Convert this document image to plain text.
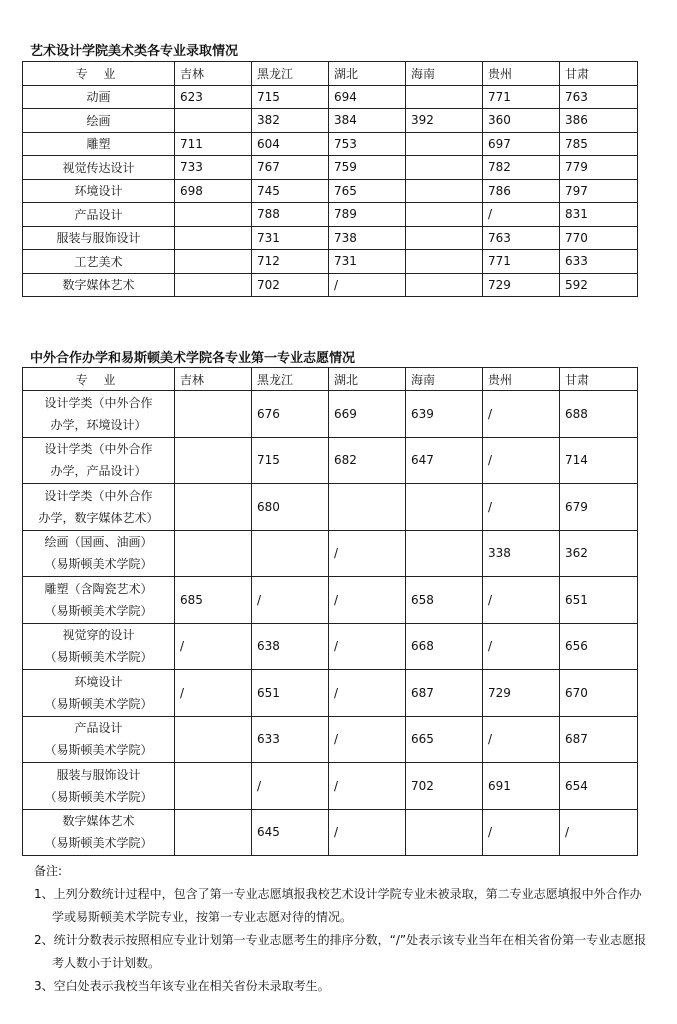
艺术设计学院美术类各专业录取情况
专 业	吉林	黑龙江	湖北	海南	贵州	甘肃
动画	623	715	694		771	763
绘画		382	384	392	360	386
雕塑	711	604	753		697	785
视觉传达设计	733	767	759		782	779
环境设计	698	745	765		786	797
产品设计		788	789		/	831
服装与服饰设计		731	738		763	770
工艺美术		712	731		771	633
数字媒体艺术		702	/		729	592
中外合作办学和易斯顿美术学院各专业第一专业志愿情况
专 业	吉林	黑龙江	湖北	海南	贵州	甘肃

设计学类（中外合作
办学，环境设计）		676	669	639	/	688

设计学类（中外合作
办学，产品设计）		715	682	647	/	714

设计学类（中外合作
办学，数字媒体艺术）		680			/	679

绘画（国画、油画）
（易斯顿美术学院）			/		338	362

雕塑（含陶瓷艺术）
（易斯顿美术学院）	685	/	/	658	/	651

视觉穿的设计
（易斯顿美术学院）	/	638	/	668	/	656

环境设计
（易斯顿美术学院）	/	651	/	687	729	670

产品设计
（易斯顿美术学院）		633	/	665	/	687

服装与服饰设计
（易斯顿美术学院）		/	/	702	691	654

数字媒体艺术
（易斯顿美术学院）		645	/		/	/
备注:
1、上列分数统计过程中，包含了第一专业志愿填报我校艺术设计学院专业未被录取，第二专业志愿填报中外合作办学或易斯顿美术学院专业，按第一专业志愿对待的情况。
2、统计分数表示按照相应专业计划第一专业志愿考生的排序分数，“/”处表示该专业当年在相关省份第一专业志愿报考人数小于计划数。
3、空白处表示我校当年该专业在相关省份未录取考生。
